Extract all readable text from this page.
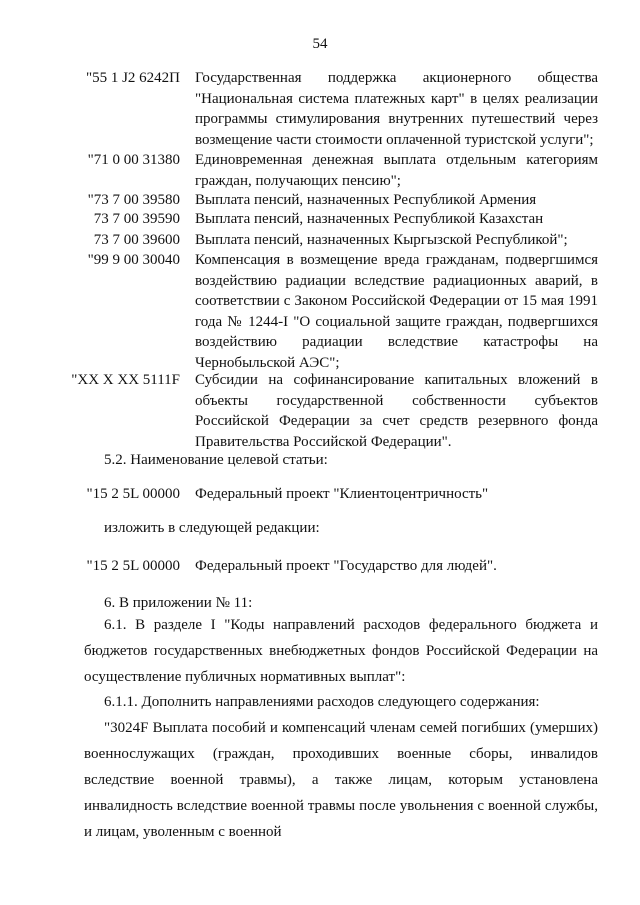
54
"55 1 J2 6242П Государственная поддержка акционерного общества "Национальная система платежных карт" в целях реализации программы стимулирования внутренних путешествий через возмещение части стоимости оплаченной туристской услуги";
"71 0 00 31380 Единовременная денежная выплата отдельным категориям граждан, получающих пенсию";
"73 7 00 39580 Выплата пенсий, назначенных Республикой Армения
73 7 00 39590 Выплата пенсий, назначенных Республикой Казахстан
73 7 00 39600 Выплата пенсий, назначенных Кыргызской Республикой";
"99 9 00 30040 Компенсация в возмещение вреда гражданам, подвергшимся воздействию радиации вследствие радиационных аварий, в соответствии с Законом Российской Федерации от 15 мая 1991 года № 1244-I "О социальной защите граждан, подвергшихся воздействию радиации вследствие катастрофы на Чернобыльской АЭС";
"XX X XX 5111F Субсидии на софинансирование капитальных вложений в объекты государственной собственности субъектов Российской Федерации за счет средств резервного фонда Правительства Российской Федерации".
5.2. Наименование целевой статьи:
"15 2 5L 00000 Федеральный проект "Клиентоцентричность"
изложить в следующей редакции:
"15 2 5L 00000 Федеральный проект "Государство для людей".
6. В приложении № 11:
6.1. В разделе I "Коды направлений расходов федерального бюджета и бюджетов государственных внебюджетных фондов Российской Федерации на осуществление публичных нормативных выплат":
6.1.1. Дополнить направлениями расходов следующего содержания:
"3024F Выплата пособий и компенсаций членам семей погибших (умерших) военнослужащих (граждан, проходивших военные сборы, инвалидов вследствие военной травмы), а также лицам, которым установлена инвалидность вследствие военной травмы после увольнения с военной службы, и лицам, уволенным с военной
